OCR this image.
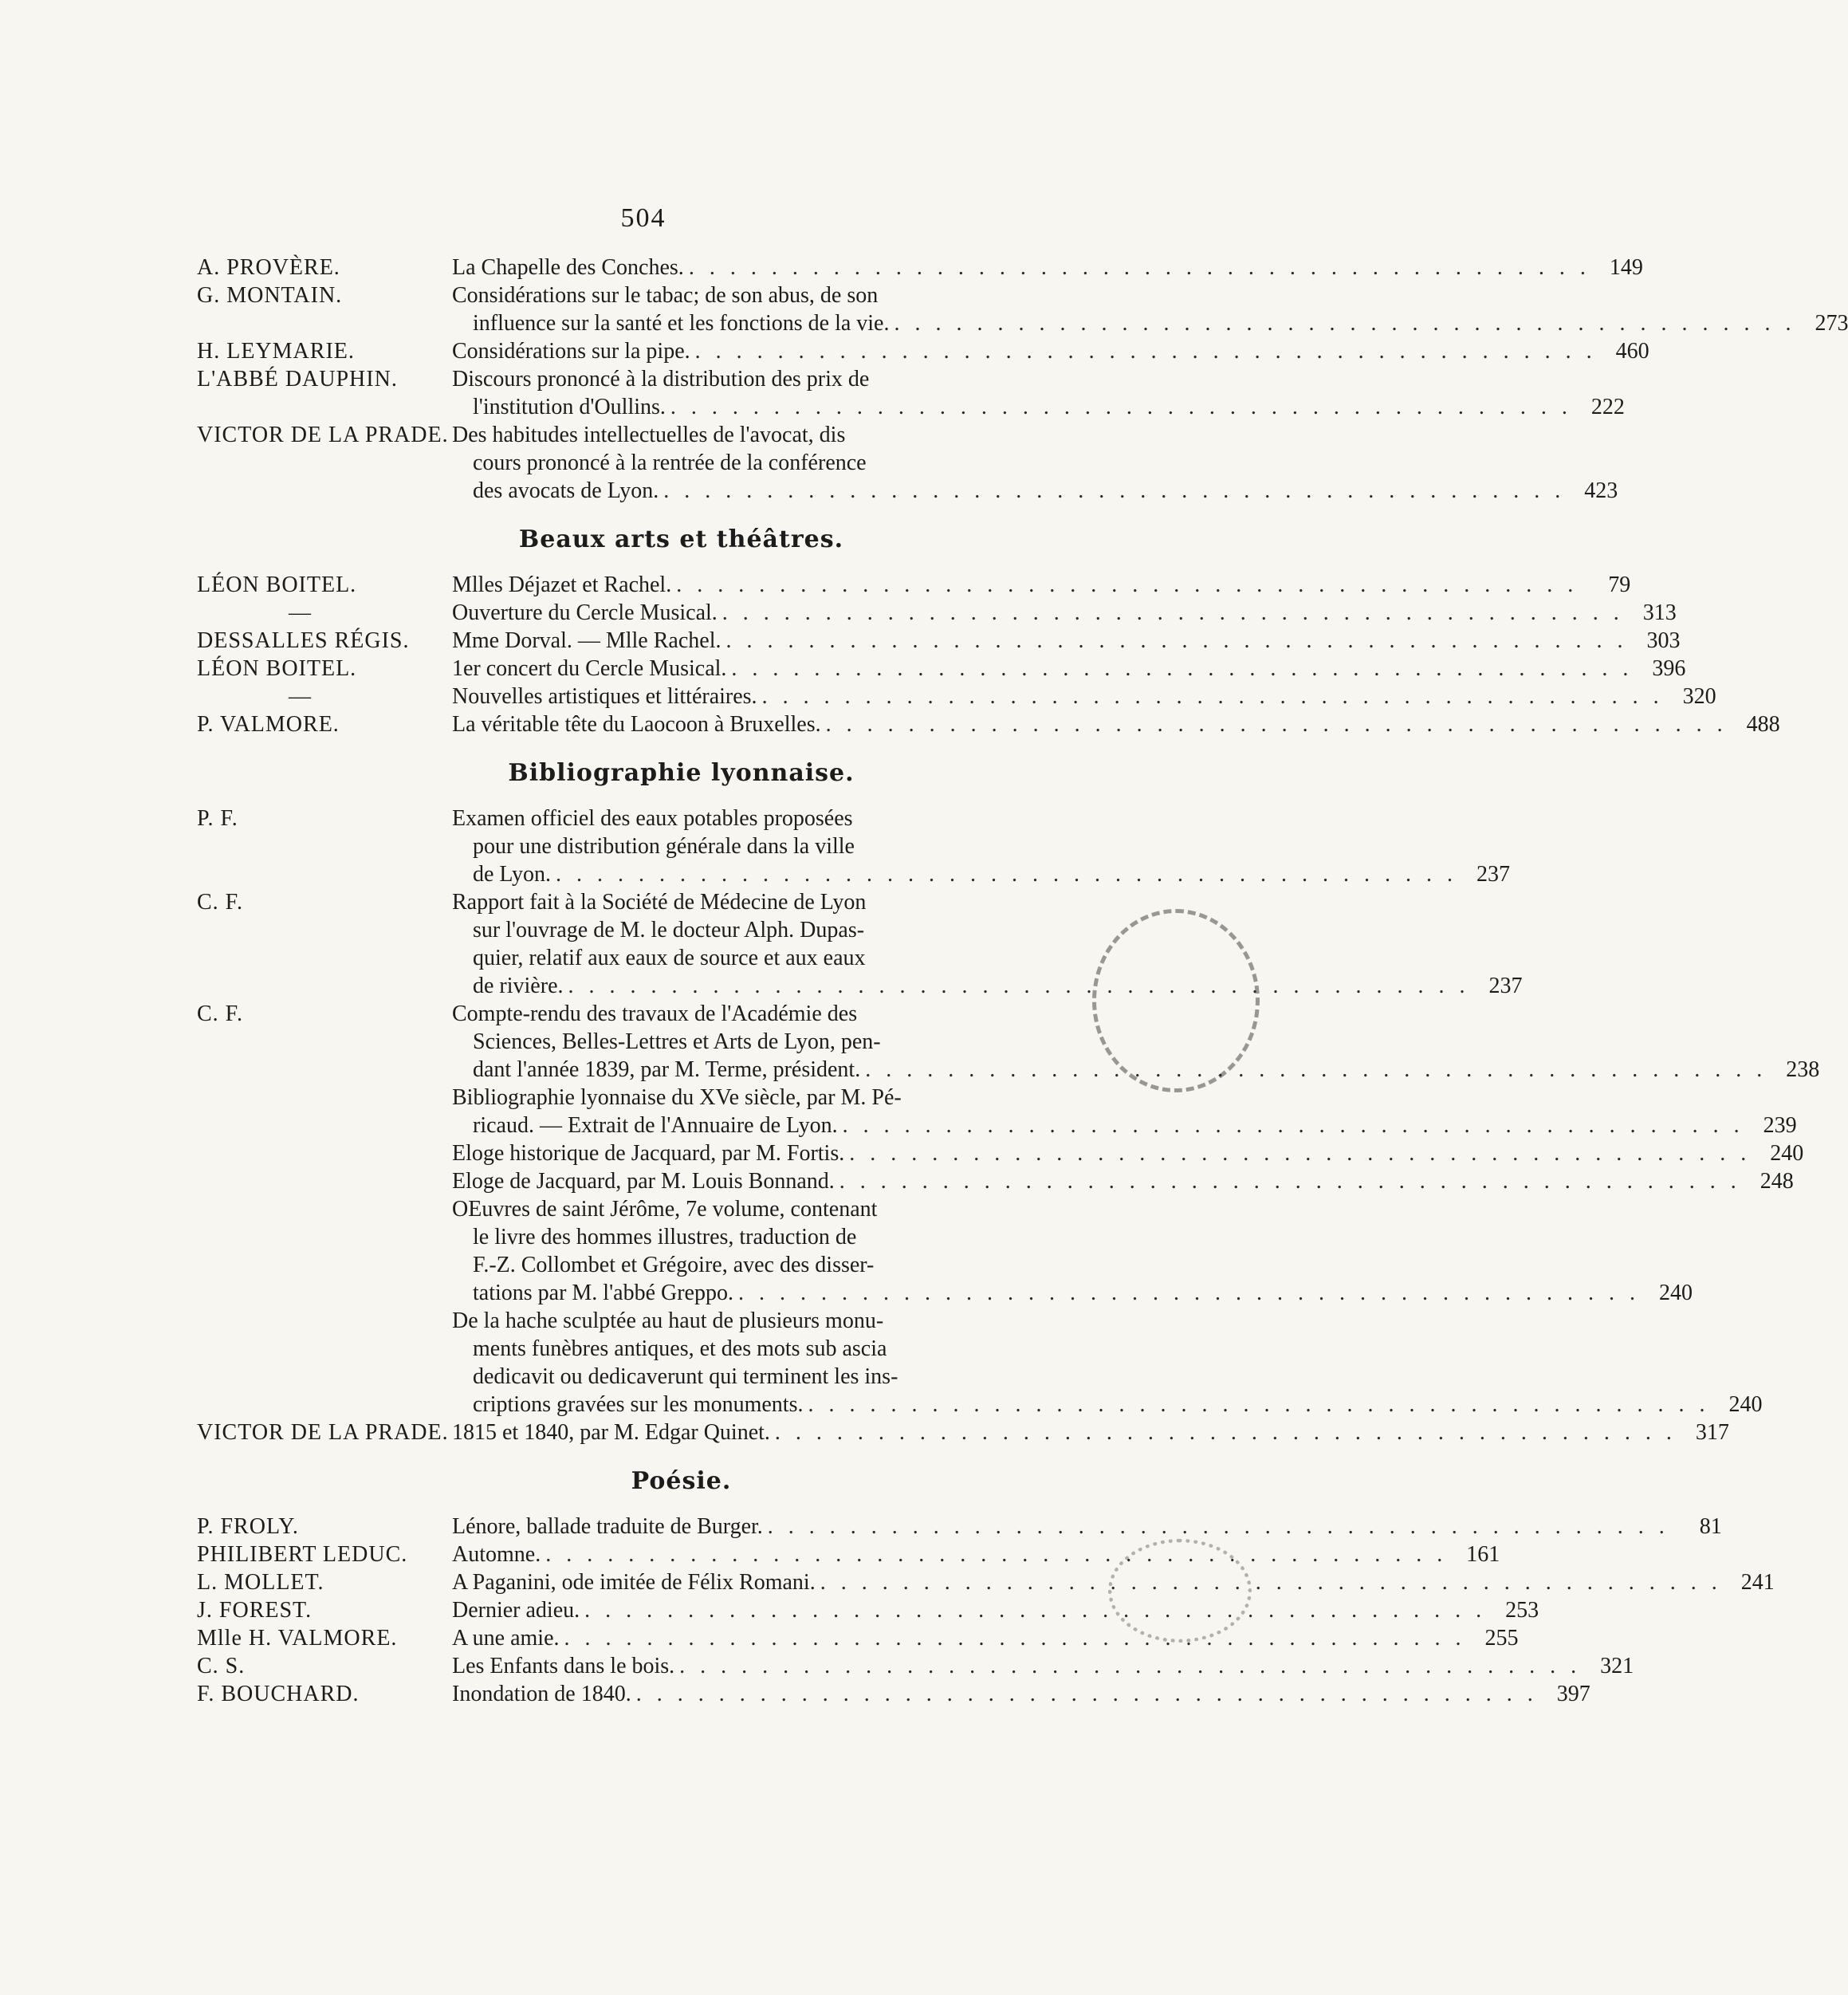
504
A. PROVÈRE.	La Chapelle des Conches. . . .	149
G. MONTAIN.	Considérations sur le tabac; de son abus, de son
influence sur la santé et les fonctions de la vie. . . .	273
H. LEYMARIE.	Considérations sur la pipe. . . .	460
L'ABBÉ DAUPHIN.	Discours prononcé à la distribution des prix de
l'institution d'Oullins. . . .	222
VICTOR DE LA PRADE. Des habitudes intellectuelles de l'avocat, dis
cours prononcé à la rentrée de la conférence
des avocats de Lyon. . . .	423
Beaux arts et théâtres.
LÉON BOITEL.	Mlles Déjazet et Rachel. . . .	79
—	Ouverture du Cercle Musical. . . .	313
DESSALLES RÉGIS.	Mme Dorval. — Mlle Rachel. . . .	303
LÉON BOITEL.	1er concert du Cercle Musical. . . .	396
—	Nouvelles artistiques et littéraires. . . .	320
P. VALMORE.	La véritable tête du Laocoon à Bruxelles. . . .	488
Bibliographie lyonnaise.
P. F.	Examen officiel des eaux potables proposées
pour une distribution générale dans la ville
de Lyon. . . .	237
C. F.	Rapport fait à la Société de Médecine de Lyon
sur l'ouvrage de M. le docteur Alph. Dupas-
quier, relatif aux eaux de source et aux eaux
de rivière. . . .	237
C. F.	Compte-rendu des travaux de l'Académie des
Sciences, Belles-Lettres et Arts de Lyon, pen-
dant l'année 1839, par M. Terme, président. . . .	238
Bibliographie lyonnaise du XVe siècle, par M. Pé-
ricaud. — Extrait de l'Annuaire de Lyon. . . .	239
Eloge historique de Jacquard, par M. Fortis. . . .	240
Eloge de Jacquard, par M. Louis Bonnand. . . .	248
OEuvres de saint Jérôme, 7e volume, contenant
le livre des hommes illustres, traduction de
F.-Z. Collombet et Grégoire, avec des disser-
tations par M. l'abbé Greppo. . . .	240
De la hache sculptée au haut de plusieurs monu-
ments funèbres antiques, et des mots sub ascia
dedicavit ou dedicaverunt qui terminent les ins-
criptions gravées sur les monuments. . . .	240
VICTOR DE LA PRADE. 1815 et 1840, par M. Edgar Quinet. . . .	317
Poésie.
P. FROLY.	Lénore, ballade traduite de Burger. . . .	81
PHILIBERT LEDUC.	Automne. . . .	161
L. MOLLET.	A Paganini, ode imitée de Félix Romani. . . .	241
J. FOREST.	Dernier adieu. . . .	253
Mlle H. VALMORE.	A une amie. . . .	255
C. S.	Les Enfants dans le bois. . . .	321
F. BOUCHARD.	Inondation de 1840. . . .	397
